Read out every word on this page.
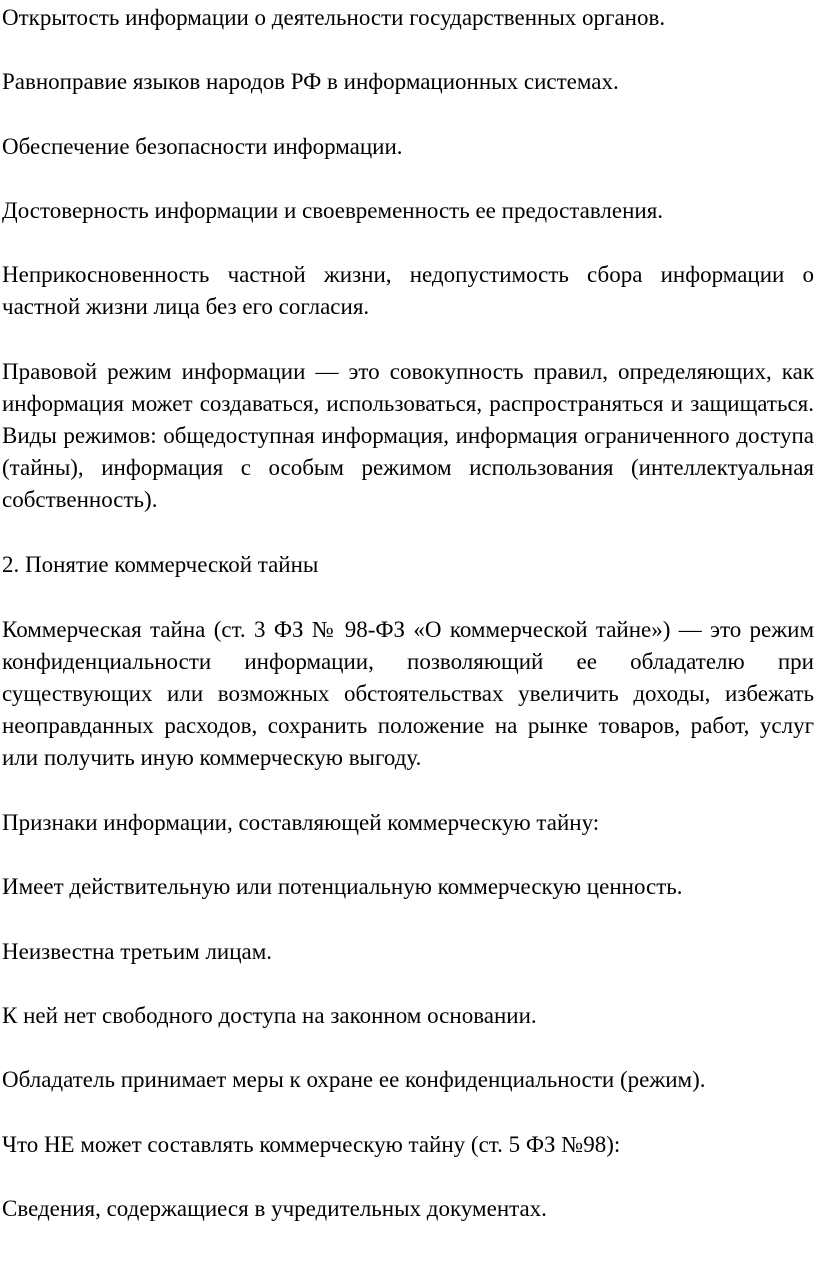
Открытость информации о деятельности государственных органов.

Равноправие языков народов РФ в информационных системах.

Обеспечение безопасности информации.

Достоверность информации и своевременность ее предоставления.

Неприкосновенность частной жизни, недопустимость сбора информации о частной жизни лица без его согласия.

Правовой режим информации — это совокупность правил, определяющих, как информация может создаваться, использоваться, распространяться и защищаться. Виды режимов: общедоступная информация, информация ограниченного доступа (тайны), информация с особым режимом использования (интеллектуальная собственность).

2. Понятие коммерческой тайны

Коммерческая тайна (ст. 3 ФЗ № 98-ФЗ «О коммерческой тайне») — это режим конфиденциальности информации, позволяющий ее обладателю при существующих или возможных обстоятельствах увеличить доходы, избежать неоправданных расходов, сохранить положение на рынке товаров, работ, услуг или получить иную коммерческую выгоду.

Признаки информации, составляющей коммерческую тайну:

Имеет действительную или потенциальную коммерческую ценность.

Неизвестна третьим лицам.

К ней нет свободного доступа на законном основании.

Обладатель принимает меры к охране ее конфиденциальности (режим).

Что НЕ может составлять коммерческую тайну (ст. 5 ФЗ №98):

Сведения, содержащиеся в учредительных документах.
